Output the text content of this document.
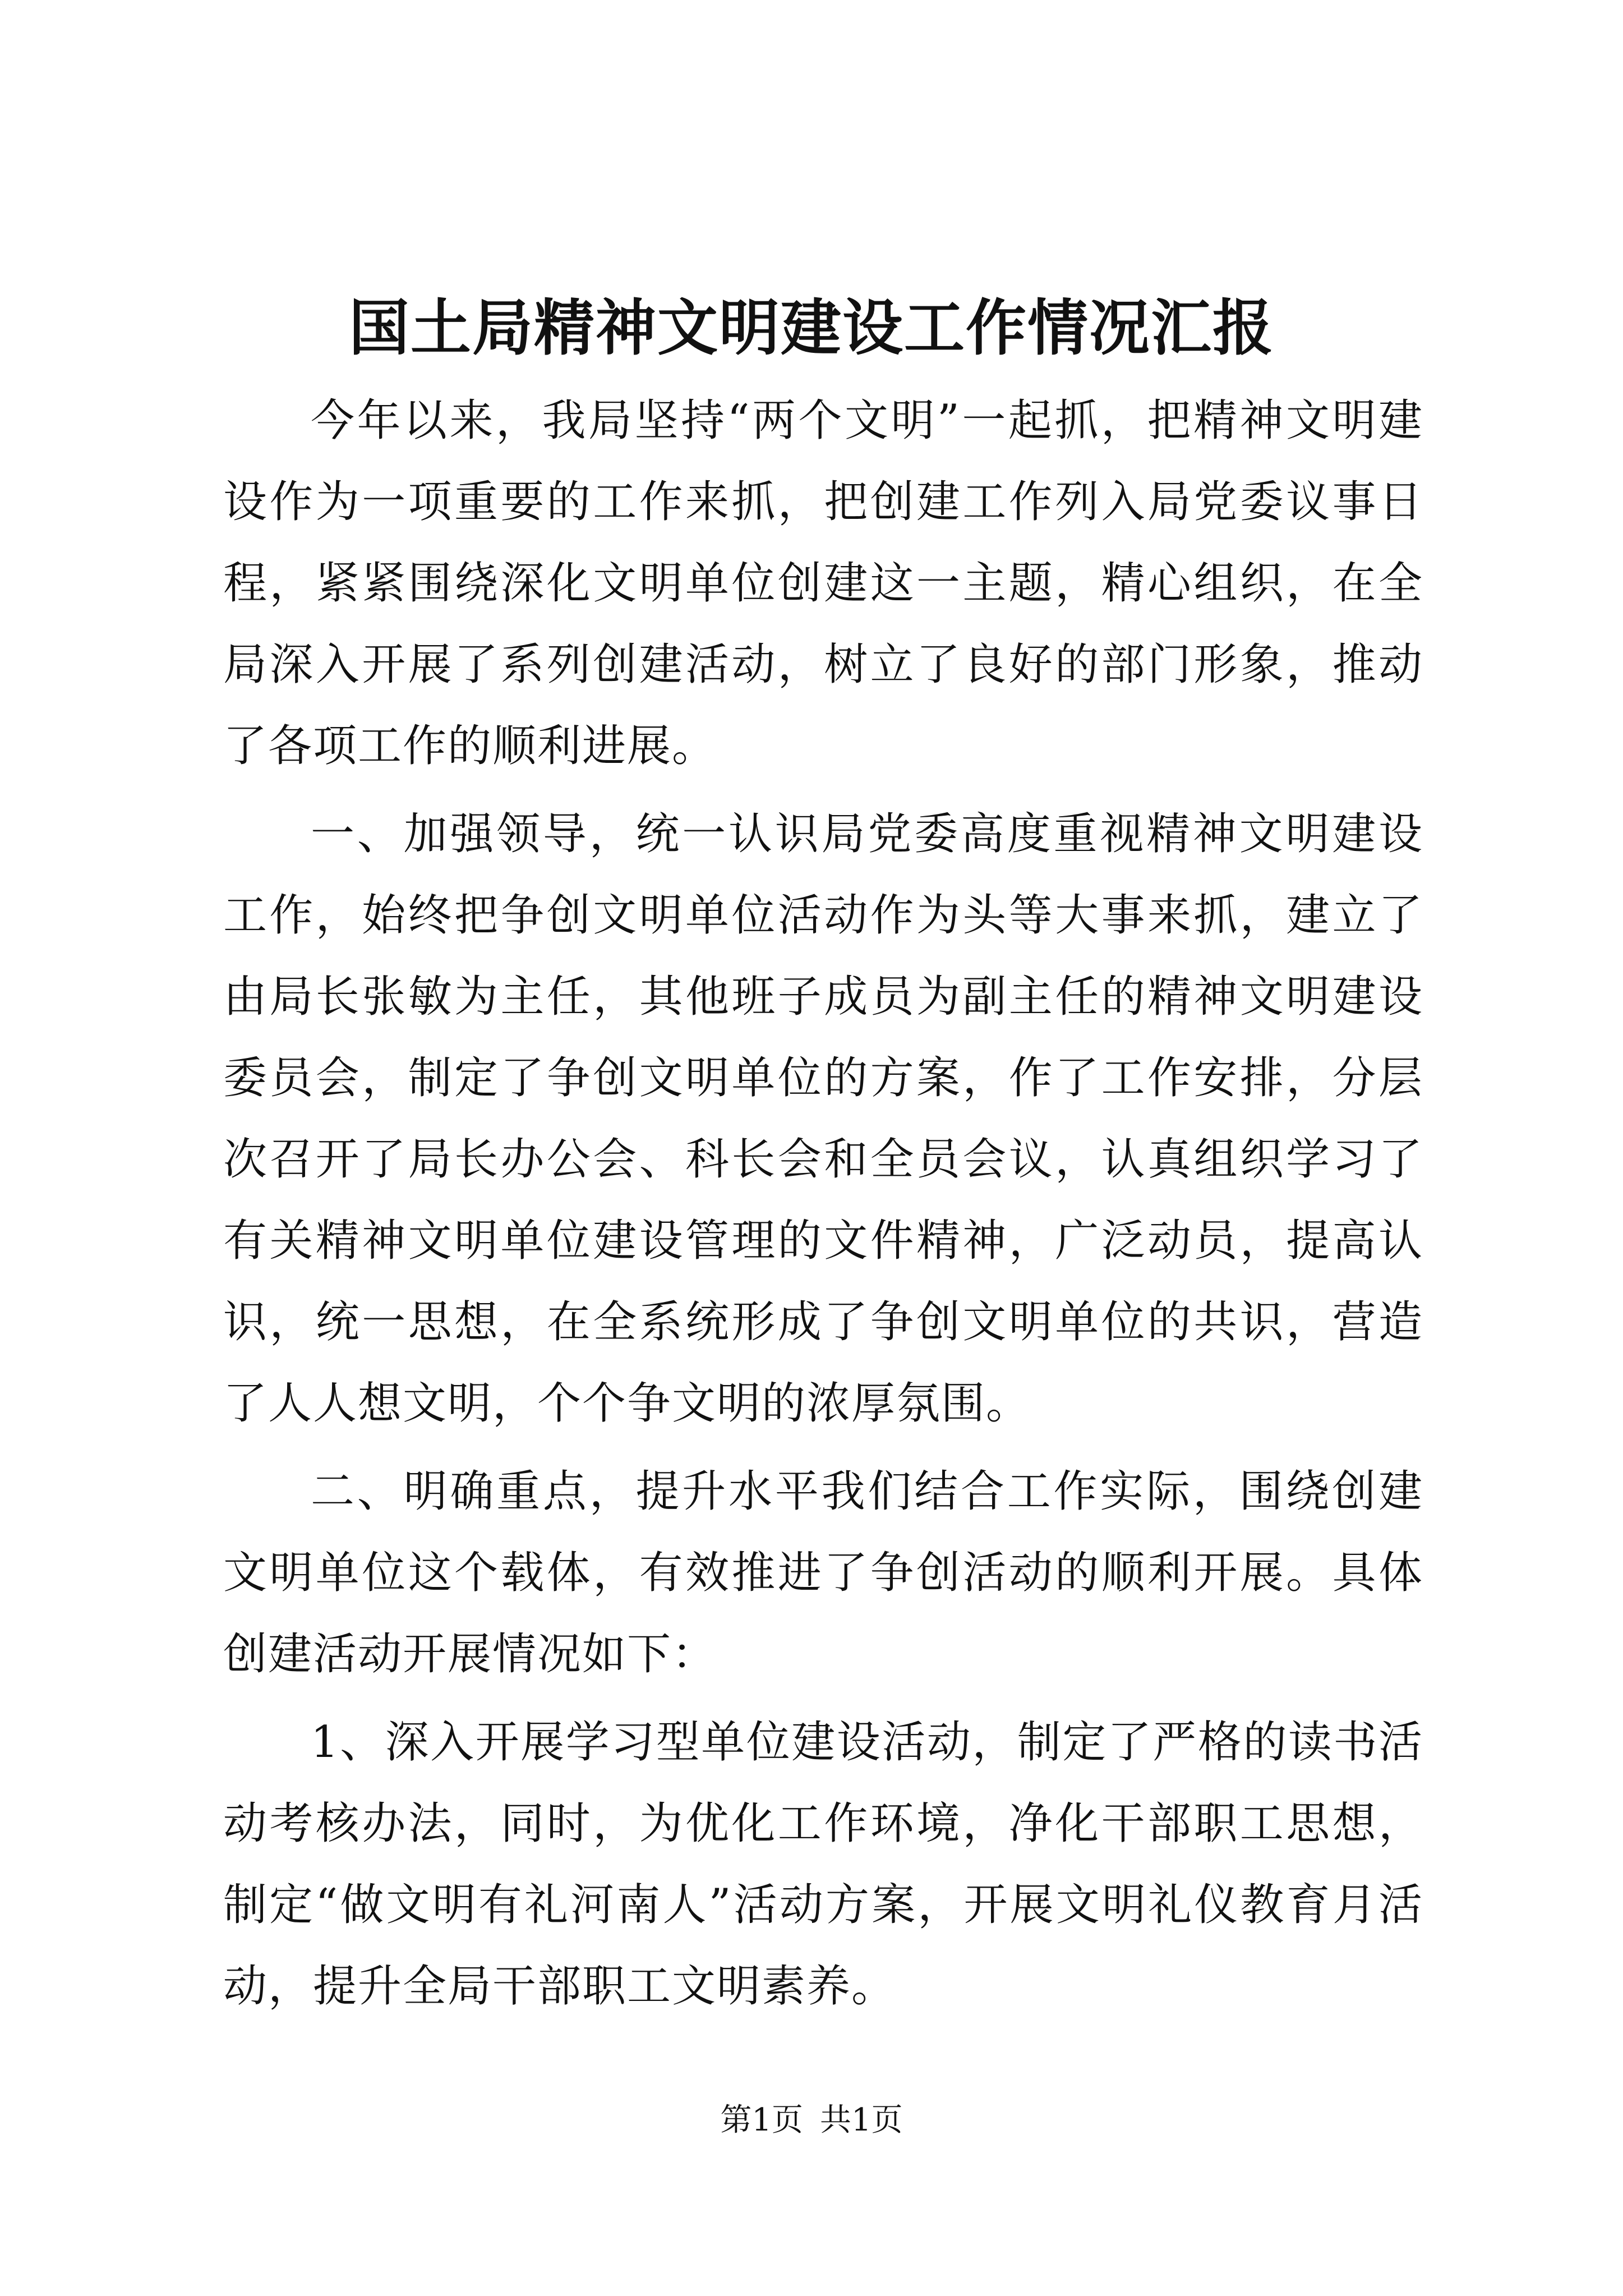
国土局精神文明建设工作情况汇报

今年以来，我局坚持“两个文明”一起抓，把精神文明建设作为一项重要的工作来抓，把创建工作列入局党委议事日程，紧紧围绕深化文明单位创建这一主题，精心组织，在全局深入开展了系列创建活动，树立了良好的部门形象，推动了各项工作的顺利进展。

一、加强领导，统一认识局党委高度重视精神文明建设工作，始终把争创文明单位活动作为头等大事来抓，建立了由局长张敏为主任，其他班子成员为副主任的精神文明建设委员会，制定了争创文明单位的方案，作了工作安排，分层次召开了局长办公会、科长会和全员会议，认真组织学习了有关精神文明单位建设管理的文件精神，广泛动员，提高认识，统一思想，在全系统形成了争创文明单位的共识，营造了人人想文明，个个争文明的浓厚氛围。

二、明确重点，提升水平我们结合工作实际，围绕创建文明单位这个载体，有效推进了争创活动的顺利开展。具体创建活动开展情况如下：

1、深入开展学习型单位建设活动，制定了严格的读书活动考核办法，同时，为优化工作环境，净化干部职工思想，制定“做文明有礼河南人”活动方案，开展文明礼仪教育月活动，提升全局干部职工文明素养。

第1页 共1页
